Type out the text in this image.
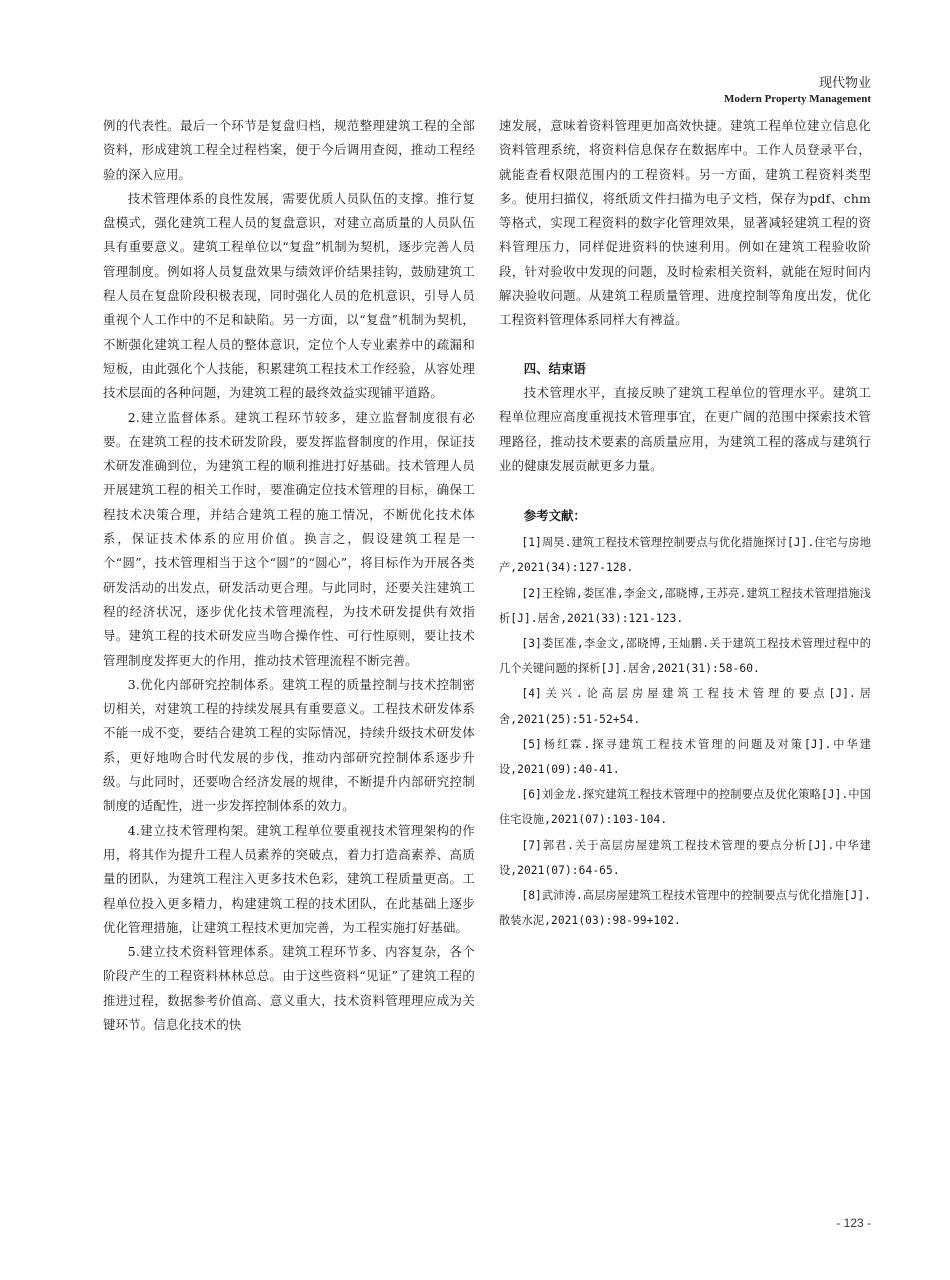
现代物业
Modern Property Management

例的代表性。最后一个环节是复盘归档，规范整理建筑工程的全部资料，形成建筑工程全过程档案，便于今后调用查阅，推动工程经验的深入应用。

技术管理体系的良性发展，需要优质人员队伍的支撑。推行复盘模式，强化建筑工程人员的复盘意识，对建立高质量的人员队伍具有重要意义。建筑工程单位以“复盘”机制为契机，逐步完善人员管理制度。例如将人员复盘效果与绩效评价结果挂钩，鼓励建筑工程人员在复盘阶段积极表现，同时强化人员的危机意识，引导人员重视个人工作中的不足和缺陷。另一方面，以“复盘”机制为契机，不断强化建筑工程人员的整体意识，定位个人专业素养中的疏漏和短板，由此强化个人技能，积累建筑工程技术工作经验，从容处理技术层面的各种问题，为建筑工程的最终效益实现铺平道路。

2.建立监督体系。建筑工程环节较多，建立监督制度很有必要。在建筑工程的技术研发阶段，要发挥监督制度的作用，保证技术研发准确到位，为建筑工程的顺利推进打好基础。技术管理人员开展建筑工程的相关工作时，要准确定位技术管理的目标，确保工程技术决策合理，并结合建筑工程的施工情况，不断优化技术体系，保证技术体系的应用价值。换言之，假设建筑工程是一个“圆”，技术管理相当于这个“圆”的“圆心”，将目标作为开展各类研发活动的出发点，研发活动更合理。与此同时，还要关注建筑工程的经济状况，逐步优化技术管理流程，为技术研发提供有效指导。建筑工程的技术研发应当吻合操作性、可行性原则，要让技术管理制度发挥更大的作用，推动技术管理流程不断完善。

3.优化内部研究控制体系。建筑工程的质量控制与技术控制密切相关，对建筑工程的持续发展具有重要意义。工程技术研发体系不能一成不变，要结合建筑工程的实际情况，持续升级技术研发体系，更好地吻合时代发展的步伐，推动内部研究控制体系逐步升级。与此同时，还要吻合经济发展的规律，不断提升内部研究控制制度的适配性，进一步发挥控制体系的效力。

4.建立技术管理构架。建筑工程单位要重视技术管理架构的作用，将其作为提升工程人员素养的突破点，着力打造高素养、高质量的团队，为建筑工程注入更多技术色彩，建筑工程质量更高。工程单位投入更多精力，构建建筑工程的技术团队，在此基础上逐步优化管理措施，让建筑工程技术更加完善，为工程实施打好基础。

5.建立技术资料管理体系。建筑工程环节多、内容复杂，各个阶段产生的工程资料林林总总。由于这些资料“见证”了建筑工程的推进过程，数据参考价值高、意义重大，技术资料管理理应成为关键环节。信息化技术的快

速发展，意味着资料管理更加高效快捷。建筑工程单位建立信息化资料管理系统，将资料信息保存在数据库中。工作人员登录平台，就能查看权限范围内的工程资料。另一方面，建筑工程资料类型多。使用扫描仪，将纸质文件扫描为电子文档，保存为pdf、chm等格式，实现工程资料的数字化管理效果，显著减轻建筑工程的资料管理压力，同样促进资料的快速利用。例如在建筑工程验收阶段，针对验收中发现的问题，及时检索相关资料，就能在短时间内解决验收问题。从建筑工程质量管理、进度控制等角度出发，优化工程资料管理体系同样大有裨益。

四、结束语

技术管理水平，直接反映了建筑工程单位的管理水平。建筑工程单位理应高度重视技术管理事宜，在更广阔的范围中探索技术管理路径，推动技术要素的高质量应用，为建筑工程的落成与建筑行业的健康发展贡献更多力量。

参考文献：

[1]周昊.建筑工程技术管理控制要点与优化措施探讨[J].住宅与房地产,2021(34):127-128.

[2]王栓锦,娄匡准,李金文,邵晓博,王苏亮.建筑工程技术管理措施浅析[J].居舍,2021(33):121-123.

[3]娄匡准,李金文,邵晓博,王灿鹏.关于建筑工程技术管理过程中的几个关键问题的探析[J].居舍,2021(31):58-60.

[4]关兴.论高层房屋建筑工程技术管理的要点[J].居舍,2021(25):51-52+54.

[5]杨红霖.探寻建筑工程技术管理的问题及对策[J].中华建设,2021(09):40-41.

[6]刘金龙.探究建筑工程技术管理中的控制要点及优化策略[J].中国住宅设施,2021(07):103-104.

[7]郭君.关于高层房屋建筑工程技术管理的要点分析[J].中华建设,2021(07):64-65.

[8]武沛涛.高层房屋建筑工程技术管理中的控制要点与优化措施[J].散装水泥,2021(03):98-99+102.

- 123 -
